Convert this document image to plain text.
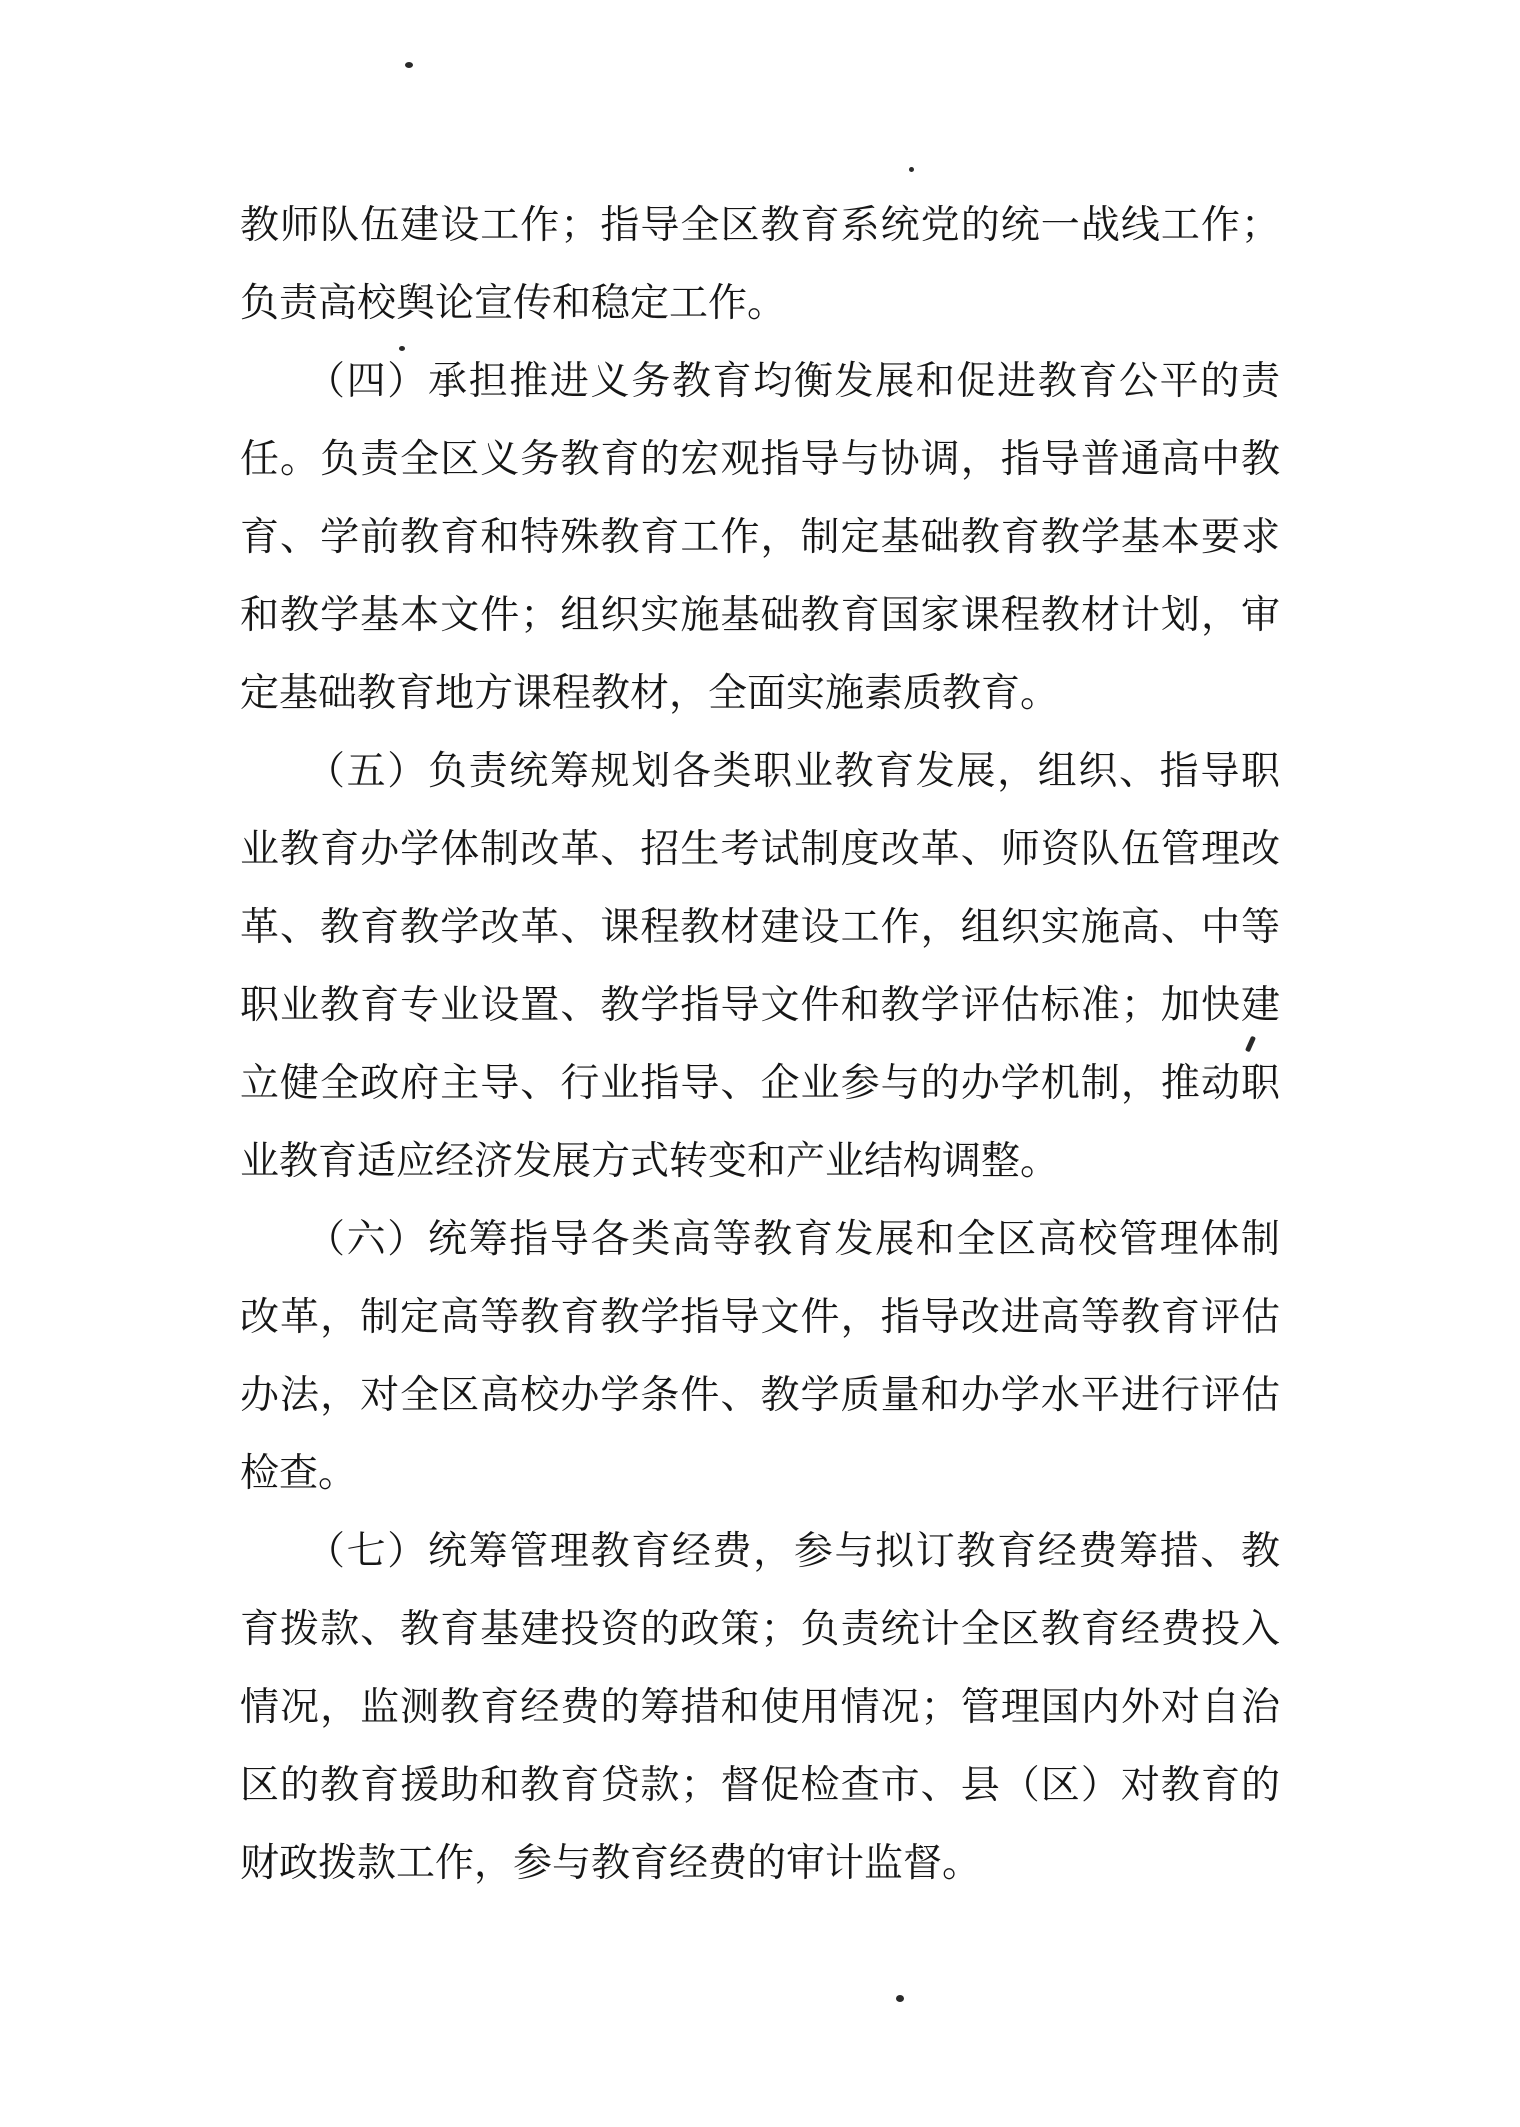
教师队伍建设工作；指导全区教育系统党的统一战线工作；
负责高校舆论宣传和稳定工作。
（四）承担推进义务教育均衡发展和促进教育公平的责
任。负责全区义务教育的宏观指导与协调，指导普通高中教
育、学前教育和特殊教育工作，制定基础教育教学基本要求
和教学基本文件；组织实施基础教育国家课程教材计划，审
定基础教育地方课程教材，全面实施素质教育。
（五）负责统筹规划各类职业教育发展，组织、指导职
业教育办学体制改革、招生考试制度改革、师资队伍管理改
革、教育教学改革、课程教材建设工作，组织实施高、中等
职业教育专业设置、教学指导文件和教学评估标准；加快建
立健全政府主导、行业指导、企业参与的办学机制，推动职
业教育适应经济发展方式转变和产业结构调整。
（六）统筹指导各类高等教育发展和全区高校管理体制
改革，制定高等教育教学指导文件，指导改进高等教育评估
办法，对全区高校办学条件、教学质量和办学水平进行评估
检查。
（七）统筹管理教育经费，参与拟订教育经费筹措、教
育拨款、教育基建投资的政策；负责统计全区教育经费投入
情况，监测教育经费的筹措和使用情况；管理国内外对自治
区的教育援助和教育贷款；督促检查市、县（区）对教育的
财政拨款工作，参与教育经费的审计监督。
